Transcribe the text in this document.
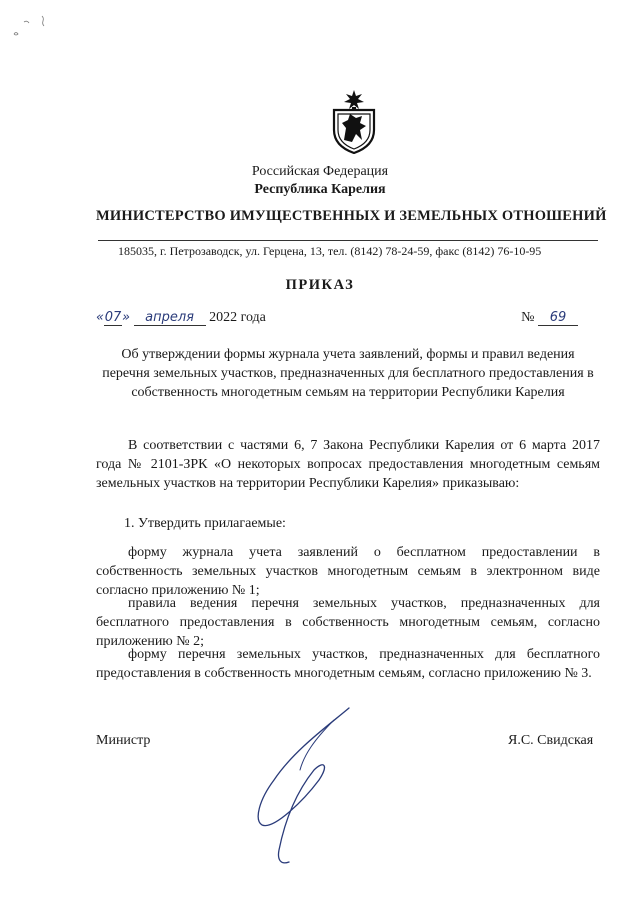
Российская Федерация
Республика Карелия
МИНИСТЕРСТВО ИМУЩЕСТВЕННЫХ И ЗЕМЕЛЬНЫХ ОТНОШЕНИЙ
185035, г. Петрозаводск, ул. Герцена, 13, тел. (8142) 78-24-59, факс (8142) 76-10-95
ПРИКАЗ
«07» апреля 2022 года	№ 69
Об утверждении формы журнала учета заявлений, формы и правил ведения перечня земельных участков, предназначенных для бесплатного предоставления в собственность многодетным семьям на территории Республики Карелия
В соответствии с частями 6, 7 Закона Республики Карелия от 6 марта 2017 года № 2101-ЗРК «О некоторых вопросах предоставления многодетным семьям земельных участков на территории Республики Карелия» приказываю:
1. Утвердить прилагаемые:
форму журнала учета заявлений о бесплатном предоставлении в собственность земельных участков многодетным семьям в электронном виде согласно приложению № 1;
правила ведения перечня земельных участков, предназначенных для бесплатного предоставления в собственность многодетным семьям, согласно приложению № 2;
форму перечня земельных участков, предназначенных для бесплатного предоставления в собственность многодетным семьям, согласно приложению № 3.
Министр	Я.С. Свидская
